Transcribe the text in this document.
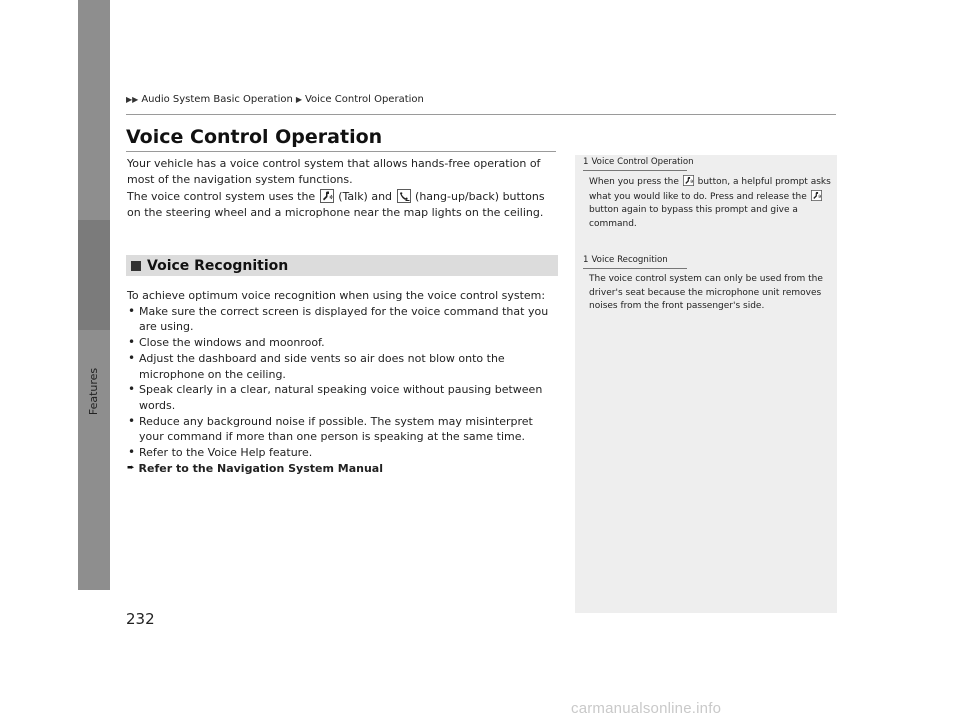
Features
▶▶ Audio System Basic Operation ▶ Voice Control Operation
Voice Control Operation

Your vehicle has a voice control system that allows hands-free operation of most of the navigation system functions.

The voice control system uses the (Talk) and (hang-up/back) buttons on the steering wheel and a microphone near the map lights on the ceiling.

Voice Recognition

To achieve optimum voice recognition when using the voice control system:

• Make sure the correct screen is displayed for the voice command that you are using.
• Close the windows and moonroof.
• Adjust the dashboard and side vents so air does not blow onto the microphone on the ceiling.
• Speak clearly in a clear, natural speaking voice without pausing between words.
• Reduce any background noise if possible. The system may misinterpret your command if more than one person is speaking at the same time.
• Refer to the Voice Help feature.

➨ Refer to the Navigation System Manual

1 Voice Control Operation

When you press the button, a helpful prompt asks what you would like to do. Press and release the  button again to bypass this prompt and give a command.

1 Voice Recognition

The voice control system can only be used from the driver's seat because the microphone unit removes noises from the front passenger's side.

232
carmanualsonline.info
